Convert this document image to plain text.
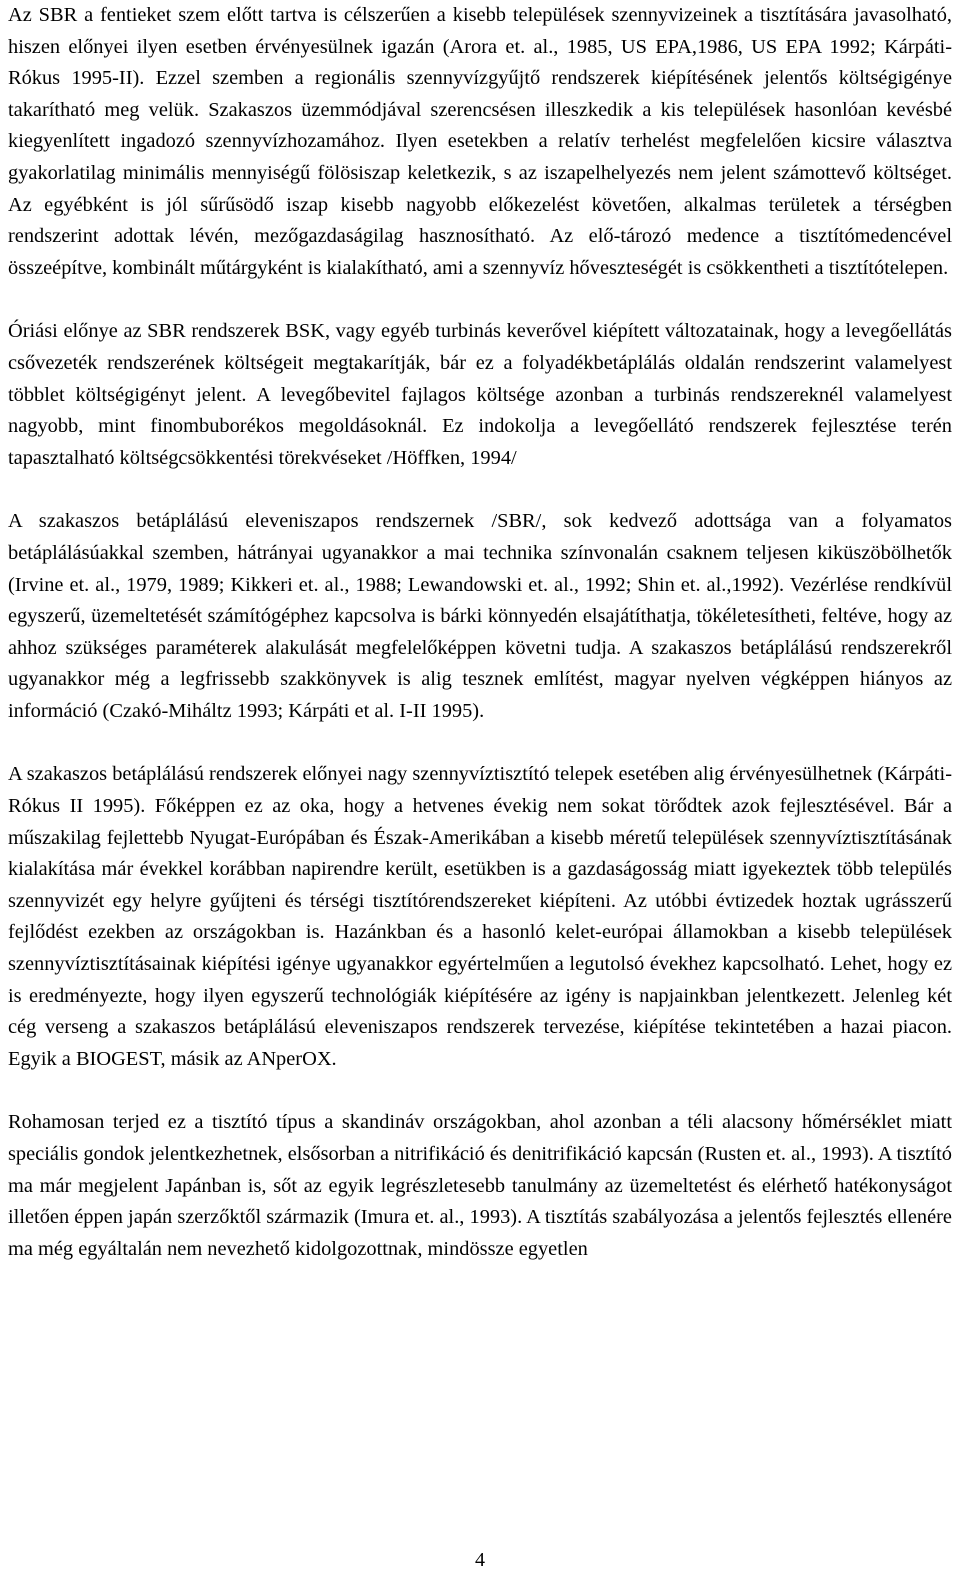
Az SBR a fentieket szem előtt tartva is célszerűen a kisebb települések szennyvizeinek a tisztítására javasolható, hiszen előnyei ilyen esetben érvényesülnek igazán (Arora et. al., 1985, US EPA,1986, US EPA 1992; Kárpáti-Rókus 1995-II). Ezzel szemben a regionális szennyvízgyűjtő rendszerek kiépítésének jelentős költségigénye takarítható meg velük. Szakaszos üzemmódjával szerencsésen illeszkedik a kis települések hasonlóan kevésbé kiegyenlített ingadozó szennyvízhozamához. Ilyen esetekben a relatív terhelést megfelelően kicsire választva gyakorlatilag minimális mennyiségű fölösiszap keletkezik, s az iszapelhelyezés nem jelent számottevő költséget. Az egyébként is jól sűrűsödő iszap kisebb nagyobb előkezelést követően, alkalmas területek a térségben rendszerint adottak lévén, mezőgazdaságilag hasznosítható. Az elő-tározó medence a tisztítómedencével összeépítve, kombinált műtárgyként is kialakítható, ami a szennyvíz hőveszteségét is csökkentheti a tisztítótelepen.

Óriási előnye az SBR rendszerek BSK, vagy egyéb turbinás keverővel kiépített változatainak, hogy a levegőellátás csővezeték rendszerének költségeit megtakarítják, bár ez a folyadékbetáplálás oldalán rendszerint valamelyest többlet költségigényt jelent. A levegőbevitel fajlagos költsége azonban a turbinás rendszereknél valamelyest nagyobb, mint finombuborékos megoldásoknál. Ez indokolja a levegőellátó rendszerek fejlesztése terén tapasztalható költségcsökkentési törekvéseket /Höffken, 1994/

A szakaszos betáplálású eleveniszapos rendszernek /SBR/, sok kedvező adottsága van a folyamatos betáplálásúakkal szemben, hátrányai ugyanakkor a mai technika színvonalán csaknem teljesen kiküszöbölhetők (Irvine et. al., 1979, 1989; Kikkeri et. al., 1988; Lewandowski et. al., 1992; Shin et. al.,1992). Vezérlése rendkívül egyszerű, üzemeltetését számítógéphez kapcsolva is bárki könnyedén elsajátíthatja, tökéletesítheti, feltéve, hogy az ahhoz szükséges paraméterek alakulását megfelelőképpen követni tudja. A szakaszos betáplálású rendszerekről ugyanakkor még a legfrissebb szakkönyvek is alig tesznek említést, magyar nyelven végképpen hiányos az információ (Czakó-Miháltz 1993; Kárpáti et al. I-II 1995).

A szakaszos betáplálású rendszerek előnyei nagy szennyvíztisztító telepek esetében alig érvényesülhetnek (Kárpáti-Rókus II 1995). Főképpen ez az oka, hogy a hetvenes évekig nem sokat törődtek azok fejlesztésével. Bár a műszakilag fejlettebb Nyugat-Európában és Észak-Amerikában a kisebb méretű települések szennyvíztisztításának kialakítása már évekkel korábban napirendre került, esetükben is a gazdaságosság miatt igyekeztek több település szennyvizét egy helyre gyűjteni és térségi tisztítórendszereket kiépíteni. Az utóbbi évtizedek hoztak ugrásszerű fejlődést ezekben az országokban is. Hazánkban és a hasonló kelet-európai államokban a kisebb települések szennyvíztisztításainak kiépítési igénye ugyanakkor egyértelműen a legutolsó évekhez kapcsolható. Lehet, hogy ez is eredményezte, hogy ilyen egyszerű technológiák kiépítésére az igény is napjainkban jelentkezett. Jelenleg két cég verseng a szakaszos betáplálású eleveniszapos rendszerek tervezése, kiépítése tekintetében a hazai piacon. Egyik a BIOGEST, másik az ANperOX.

Rohamosan terjed ez a tisztító típus a skandináv országokban, ahol azonban a téli alacsony hőmérséklet miatt speciális gondok jelentkezhetnek, elsősorban a nitrifikáció és denitrifikáció kapcsán (Rusten et. al., 1993). A tisztító ma már megjelent Japánban is, sőt az egyik legrészletesebb tanulmány az üzemeltetést és elérhető hatékonyságot illetően éppen japán szerzőktől származik (Imura et. al., 1993). A tisztítás szabályozása a jelentős fejlesztés ellenére ma még egyáltalán nem nevezhető kidolgozottnak, mindössze egyetlen

4
